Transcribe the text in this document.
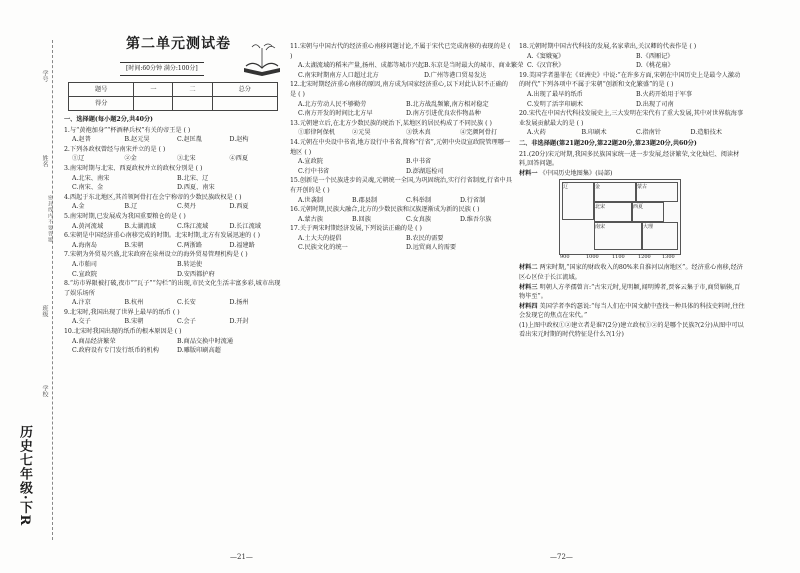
历史七年级·下R
学号
姓名
班级
学校
密封线内不要答题
第二单元测试卷
[时间:60分钟 满分:100分]
题号	一	二	总分
得分			
一、选择题(每小题2分,共40分)

1.与“黄袍加身”“杯酒释兵权”有关的帝王是 ( )

A.赵普	B.赵元昊	C.赵匡胤	D.赵构

2.下列各政权曾经与南宋并立的是 ( )

①辽	②金	③北宋	④西夏

3.南宋时期与北宋、西夏政权并立的政权分别是 ( )

A.北宋、南宋	B.北宋、辽
C.南宋、金	D.西夏、南宋

4.西起于东北地区,其首领阿骨打在会宁称帝的少数民族政权是 ( )

A.金	B.辽	C.契丹	D.西夏

5.南宋时期,已发展成为我国重要粮仓的是 ( )

A.黄河流域	B.太湖流域	C.珠江流域	D.长江流域

6.宋朝是中国经济重心南移完成的时期。北宋时期,北方有发展迅速的 ( )

A.海南岛	B.宋朝	C.两浙路	D.福建路

7.宋朝为外贸易兴盛,北宋政府在泉州设立的海外贸易管理机构是 ( )

A.市舶司	B.转运使
C.宣政院	D.安西都护府

8.“坊市界限被打破,夜市”“瓦子”“勾栏”的出现,市民文化生活丰富多彩,城市出现了娱乐场所

A.汴京	B.杭州	C.长安	D.扬州

9.北宋时,我国出现了世界上最早的纸币 ( )

A.交子	B.宋朝	C.会子	D.开封

10.北宋时我国出现的纸币的根本原因是 ( )

A.商品经济繁荣	B.商品交换中时流通
C.政府设有专门发行纸币的机构	D.雕版印刷高超

11.宋朝与中国古代的经济重心南移问题讨论,不属于宋代已完成南移的表现的是 ( )

A.太湖流域的稻米产量,扬州、成都等城市兴起 B.东京是当时最大的城市、商业繁荣
C.南宋时期南方人口超过北方	D.广州等港口贸易发达

12.北宋时期经济重心南移的原因,南方成为国家经济重心,以下对此认识不正确的是 ( )

A.北方劳动人民不够勤劳	B.北方战乱频繁,南方相对稳定
C.南方开发的时间比北方早	D.南方引进优良农作物品种

13.元朝建立后,在北方少数民族的统治下,某地区的居民构成了不同民族 ( )

①耶律阿保机	②元昊	③铁木真	④完颜阿骨打

14.元朝在中央设中书省,地方设行中书省,简称“行省”,元朝中央设宣政院管理哪一地区 ( )

A.宣政院	B.中书省
C.行中书省	D.澎湖巡检司

15.创新是一个民族进步的灵魂,元朝统一全国,为巩固统治,实行行省制度,行省中具有开创的是 ( )

A.世袭制	B.郡县制	C.科举制	D.行省制

16.元朝时期,民族大融合,北方的少数民族和汉族逐渐成为新的民族 ( )

A.蒙古族	B.回族	C.女真族	D.维吾尔族

17.关于两宋时期经济发展,下列说法正确的是 ( )

A.土大夫的提倡	B.农民的需要
C.民族文化的统一	D.远贸商人的需要

18.元朝时期中国古代科技的发展,名家辈出,关汉卿的代表作是 ( )

A.《窦娥冤》	B.《西厢记》
C.《汉宫秋》	D.《桃花扇》

19.美国学者墨菲在《亚洲史》中说:“在许多方面,宋朝在中国历史上是最令人激动的时代”下列各项中不属于宋朝“创新和文化繁盛”的是 ( )

A.出现了最早的纸币	B.火药开始用于军事
C.发明了活字印刷术	D.出现了司南

20.宋代在中国古代科技发展史上,三大发明在宋代有了重大发展,其中对世界航海事业发展贡献最大的是 ( )

A.火药	B.印刷术	C.指南针	D.造船技术
二、非选择题(第21题20分,第22题20分,第23题20分,共60分)
21.(20分)宋元时期,我国多民族国家统一进一步发展,经济繁荣,文化灿烂、阅读材料,回答问题。
材料一 《中国历史地图集》(局部)
辽	金	蒙古
北宋	西夏
南宋	大理
900	1000	1100	1200 1300
材料二 两宋时期,“国家的财政收入的80%来自淮河以南地区”。经济重心南移,经济区心区位于长江流域。
材料三 明朝人方孝孺曾言:“古宋元时,见明颖,闻明博者,贾客云集于市,商贸辐辏,百物毕至”。
材料四 美国学者李约瑟说:“每当人们在中国文献中查找一种具体的科技史料时,往往会发现它的焦点在宋代。”
(1)上图中政权①②建立者是谁?(2分)建立政权①②的是哪个民族?(2分)从图中可以看出宋元时期的时代特征是什么?(1分)
—21—	—72—
